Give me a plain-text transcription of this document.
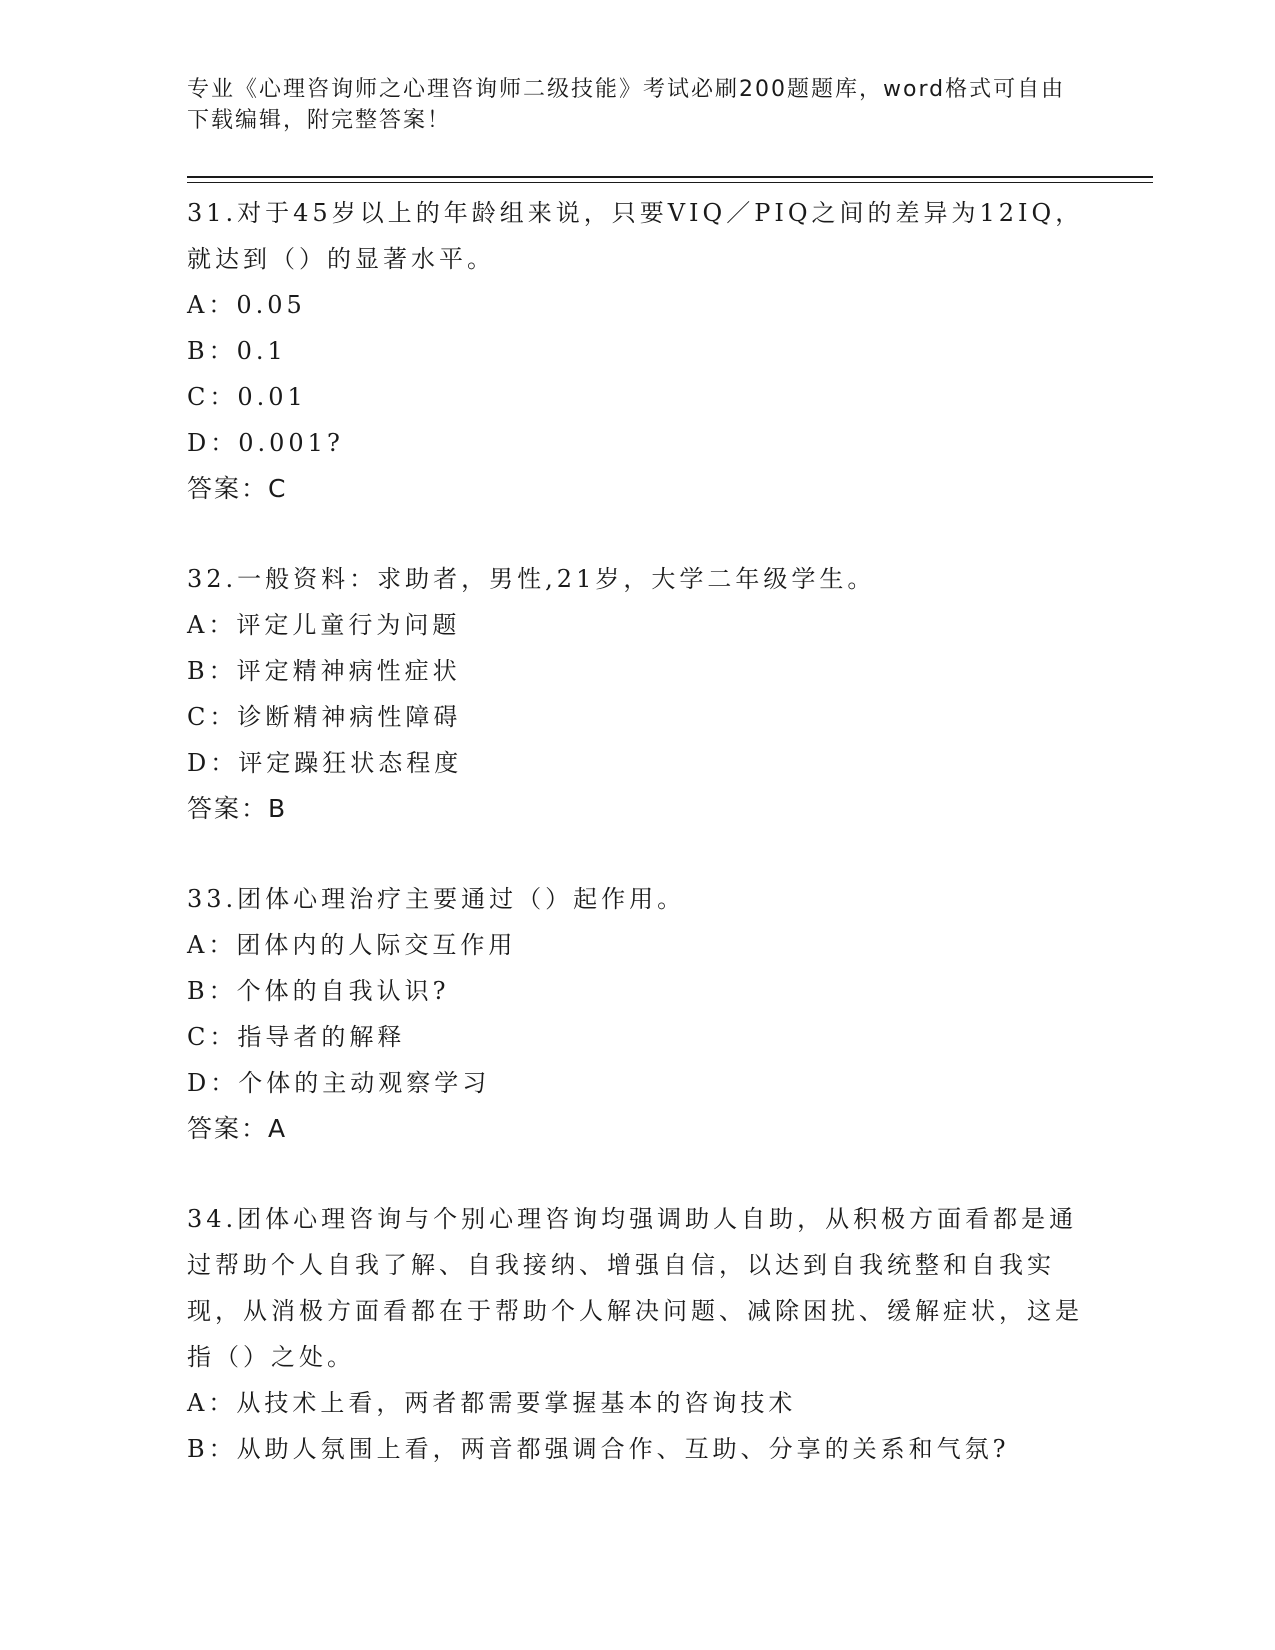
专业《心理咨询师之心理咨询师二级技能》考试必刷200题题库，word格式可自由下载编辑，附完整答案！
31.对于45岁以上的年龄组来说，只要VIQ／PIQ之间的差异为12IQ，就达到（）的显著水平。
A：0.05
B：0.1
C：0.01
D：0.001?
答案：C
32.一般资料：求助者，男性,21岁，大学二年级学生。
A：评定儿童行为问题
B：评定精神病性症状
C：诊断精神病性障碍
D：评定躁狂状态程度
答案：B
33.团体心理治疗主要通过（）起作用。
A：团体内的人际交互作用
B：个体的自我认识?
C：指导者的解释
D：个体的主动观察学习
答案：A
34.团体心理咨询与个别心理咨询均强调助人自助，从积极方面看都是通过帮助个人自我了解、自我接纳、增强自信，以达到自我统整和自我实现，从消极方面看都在于帮助个人解决问题、减除困扰、缓解症状，这是指（）之处。
A：从技术上看，两者都需要掌握基本的咨询技术
B：从助人氛围上看，两音都强调合作、互助、分享的关系和气氛?
